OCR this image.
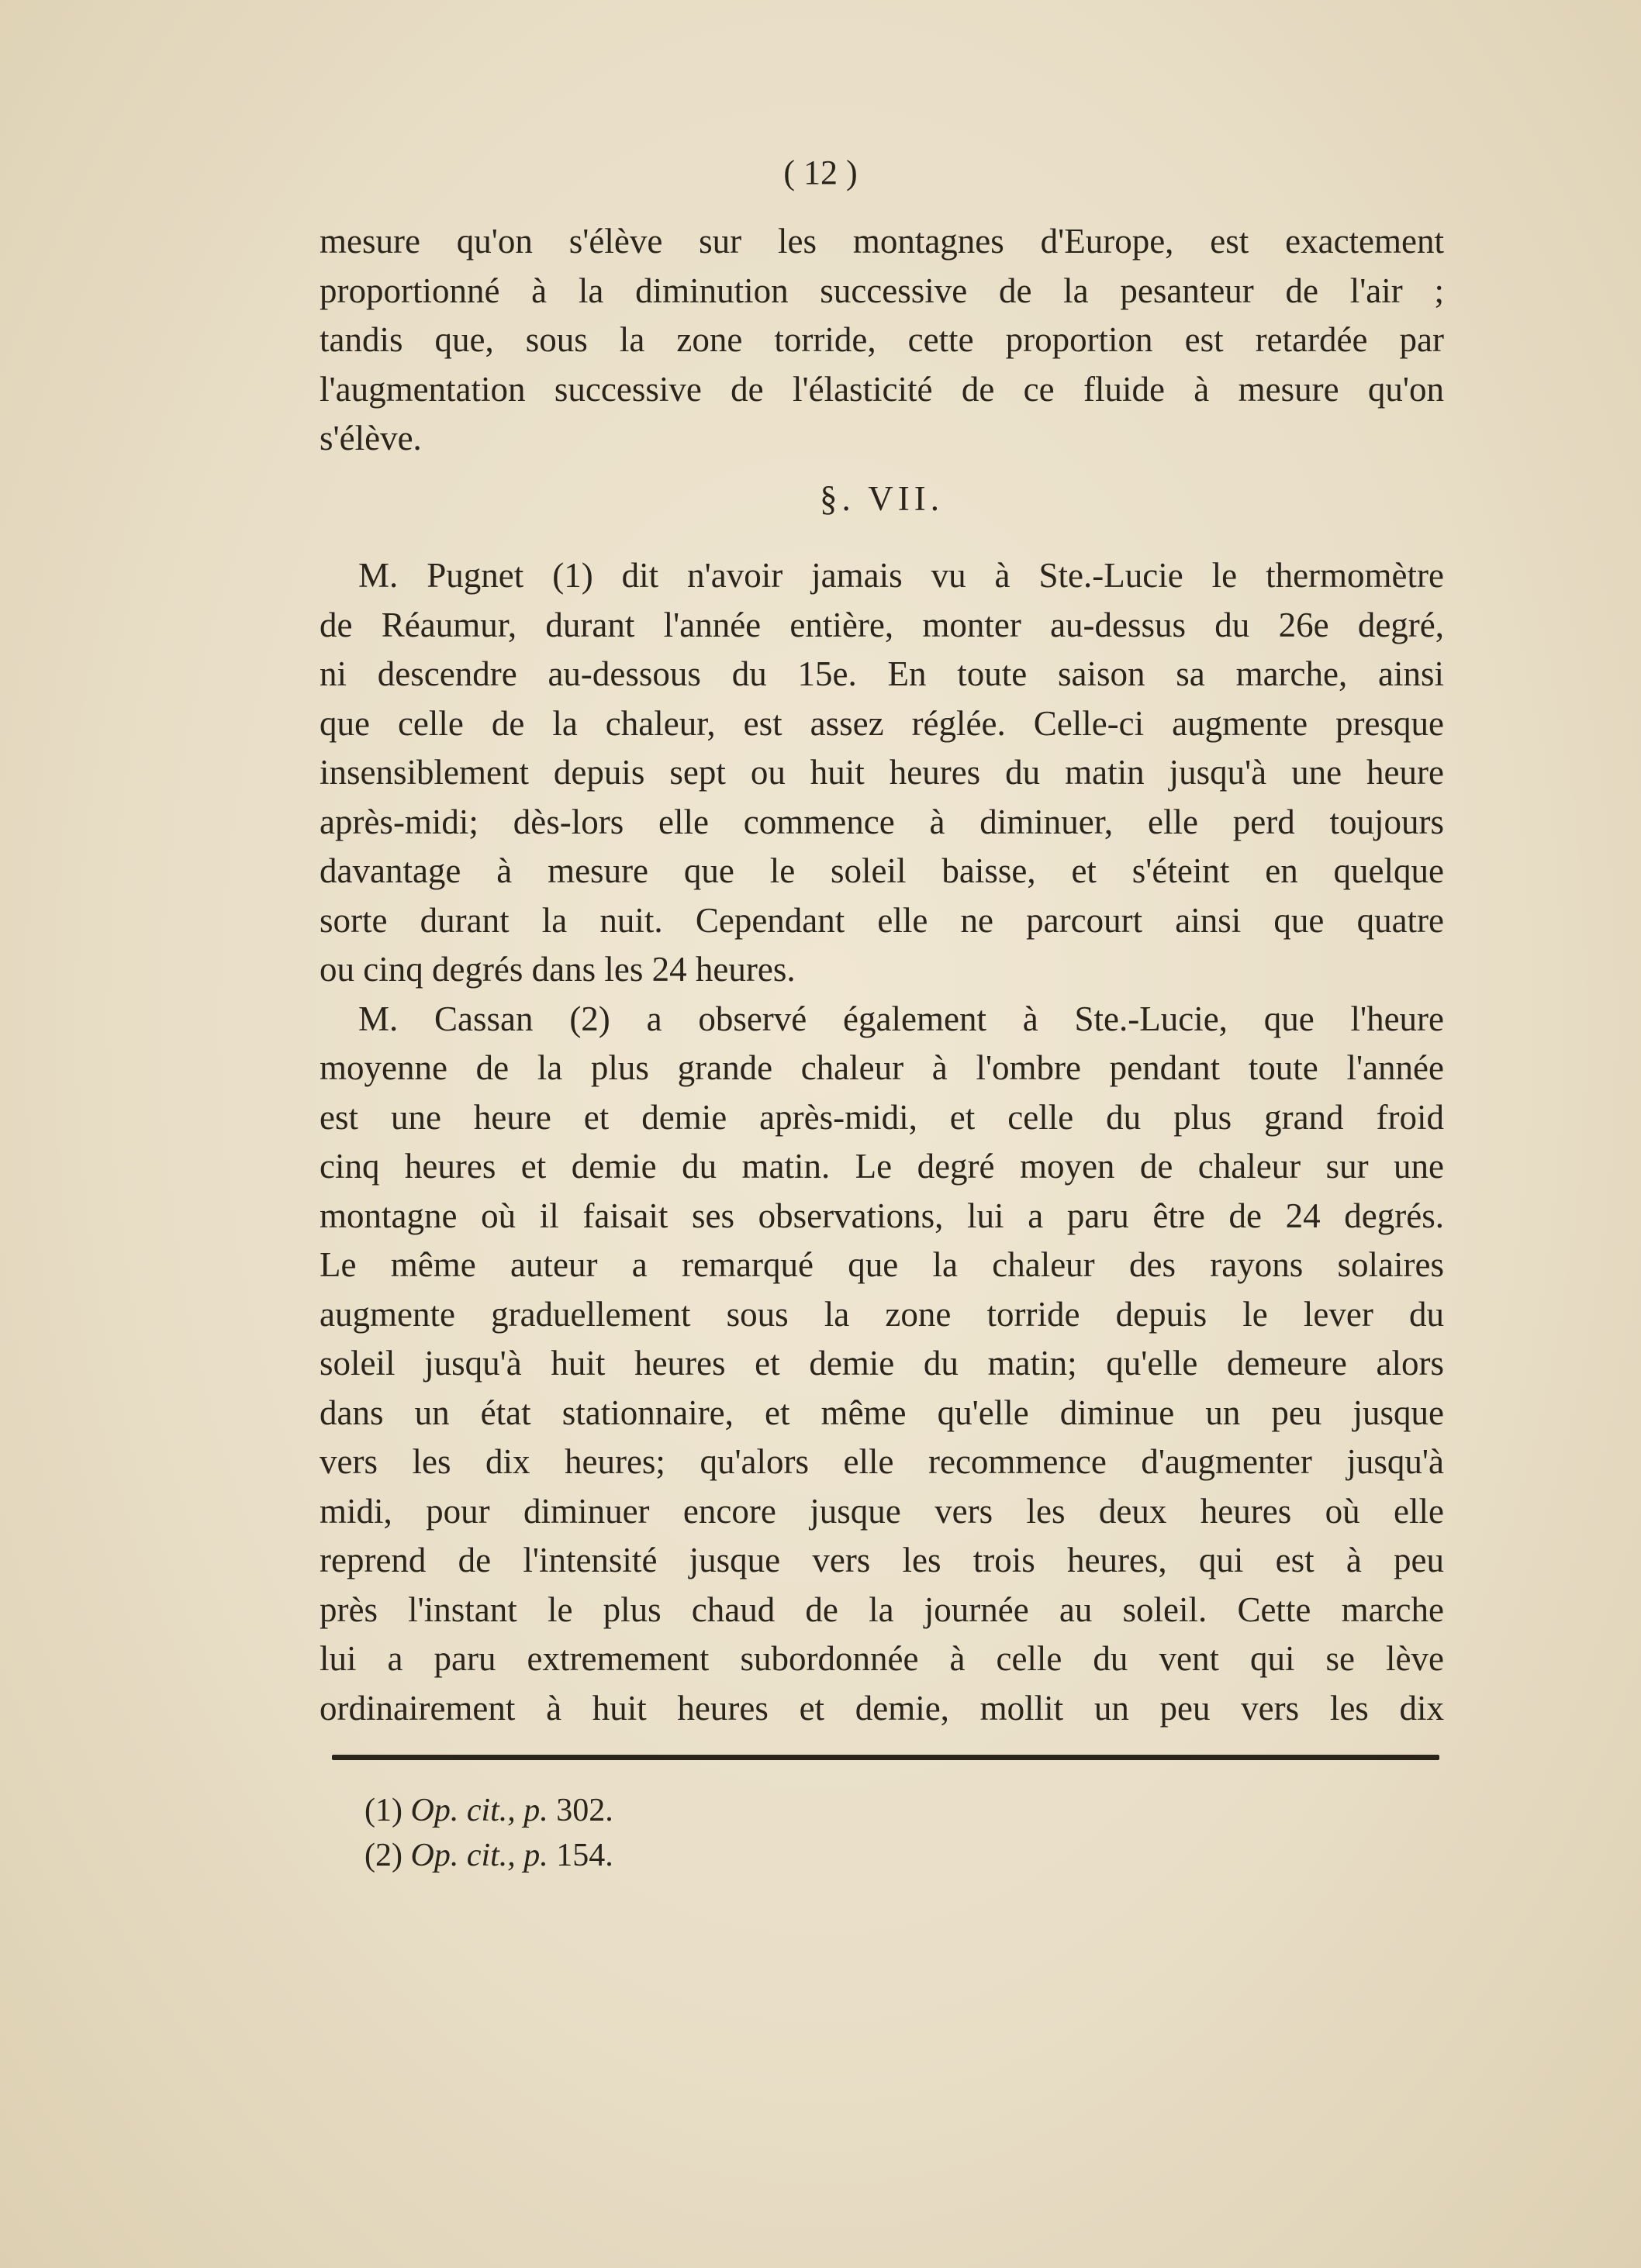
( 12 )
mesure qu'on s'élève sur les montagnes d'Europe, est exactement
proportionné à la diminution successive de la pesanteur de l'air ;
tandis que, sous la zone torride, cette proportion est retardée par
l'augmentation successive de l'élasticité de ce fluide à mesure qu'on
s'élève.
§. VII.
M. Pugnet (1) dit n'avoir jamais vu à Ste.-Lucie le thermomètre
de Réaumur, durant l'année entière, monter au-dessus du 26e degré,
ni descendre au-dessous du 15e. En toute saison sa marche, ainsi
que celle de la chaleur, est assez réglée. Celle-ci augmente presque
insensiblement depuis sept ou huit heures du matin jusqu'à une heure
après-midi; dès-lors elle commence à diminuer, elle perd toujours
davantage à mesure que le soleil baisse, et s'éteint en quelque
sorte durant la nuit. Cependant elle ne parcourt ainsi que quatre
ou cinq degrés dans les 24 heures.
M. Cassan (2) a observé également à Ste.-Lucie, que l'heure
moyenne de la plus grande chaleur à l'ombre pendant toute l'année
est une heure et demie après-midi, et celle du plus grand froid
cinq heures et demie du matin. Le degré moyen de chaleur sur une
montagne où il faisait ses observations, lui a paru être de 24 degrés.
Le même auteur a remarqué que la chaleur des rayons solaires
augmente graduellement sous la zone torride depuis le lever du
soleil jusqu'à huit heures et demie du matin; qu'elle demeure alors
dans un état stationnaire, et même qu'elle diminue un peu jusque
vers les dix heures; qu'alors elle recommence d'augmenter jusqu'à
midi, pour diminuer encore jusque vers les deux heures où elle
reprend de l'intensité jusque vers les trois heures, qui est à peu
près l'instant le plus chaud de la journée au soleil. Cette marche
lui a paru extremement subordonnée à celle du vent qui se lève
ordinairement à huit heures et demie, mollit un peu vers les dix
(1) Op. cit., p. 302.
(2) Op. cit., p. 154.
